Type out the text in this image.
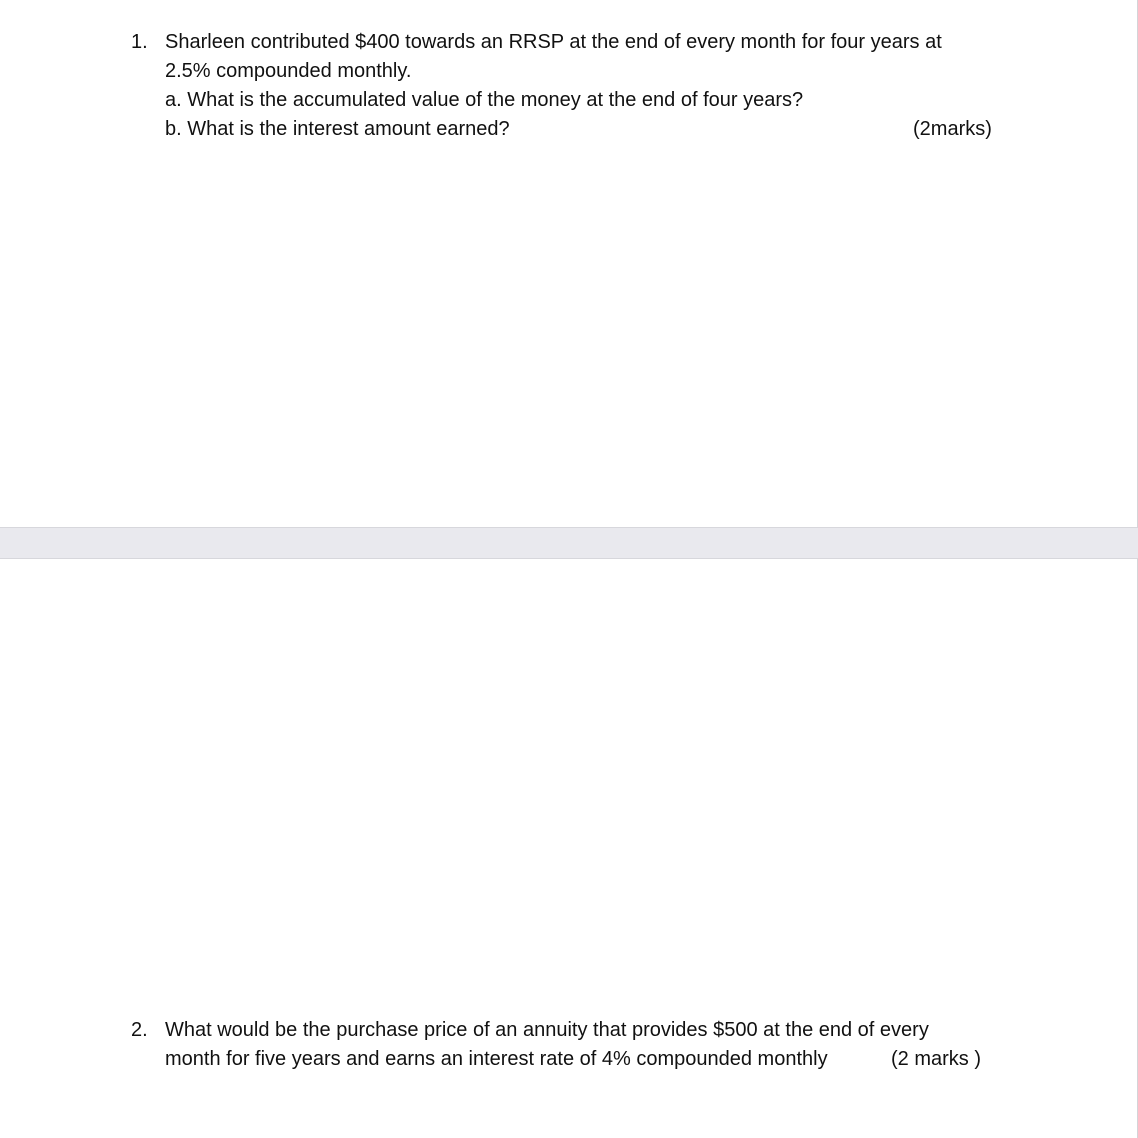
1. Sharleen contributed $400 towards an RRSP at the end of every month for four years at
2.5% compounded monthly.
a. What is the accumulated value of the money at the end of four years?
b. What is the interest amount earned?	(2marks)
2. What would be the purchase price of an annuity that provides $500 at the end of every
month for five years and earns an interest rate of 4% compounded monthly	(2 marks )
